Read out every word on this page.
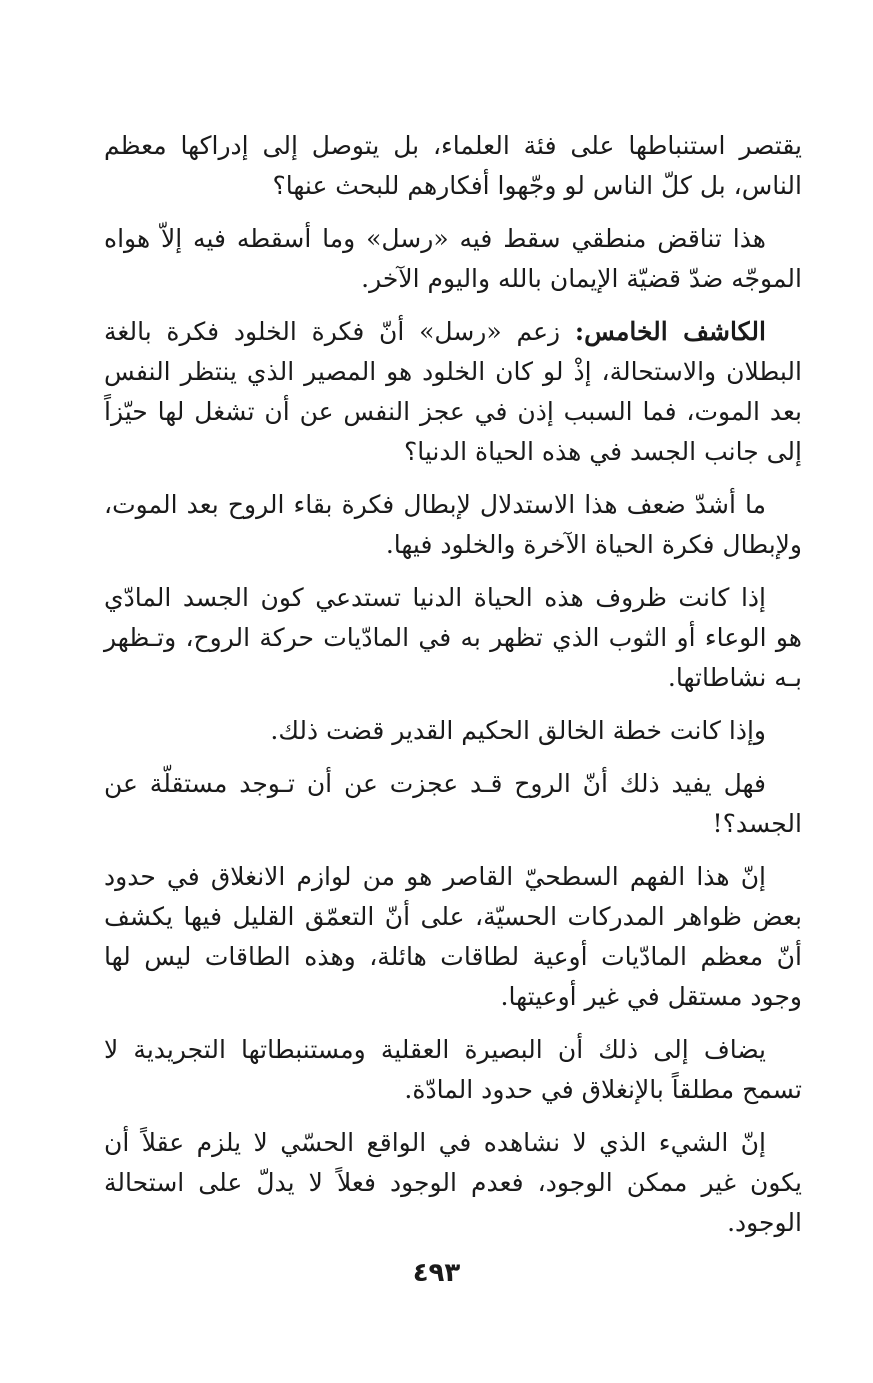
يقتصر استنباطها على فئة العلماء، بل يتوصل إلى إدراكها معظم الناس، بل كلّ الناس لو وجّهوا أفكارهم للبحث عنها؟

هذا تناقض منطقي سقط فيه «رسل» وما أسقطه فيه إلاّ هواه الموجّه ضدّ قضيّة الإيمان بالله واليوم الآخر.

الكاشف الخامس: زعم «رسل» أنّ فكرة الخلود فكرة بالغة البطلان والاستحالة، إذْ لو كان الخلود هو المصير الذي ينتظر النفس بعد الموت، فما السبب إذن في عجز النفس عن أن تشغل لها حيّزاً إلى جانب الجسد في هذه الحياة الدنيا؟

ما أشدّ ضعف هذا الاستدلال لإبطال فكرة بقاء الروح بعد الموت، ولإبطال فكرة الحياة الآخرة والخلود فيها.

إذا كانت ظروف هذه الحياة الدنيا تستدعي كون الجسد المادّي هو الوعاء أو الثوب الذي تظهر به في المادّيات حركة الروح، وتـظهر بـه نشاطاتها.

وإذا كانت خطة الخالق الحكيم القدير قضت ذلك.

فهل يفيد ذلك أنّ الروح قـد عجزت عن أن تـوجد مستقلّة عن الجسد؟!

إنّ هذا الفهم السطحيّ القاصر هو من لوازم الانغلاق في حدود بعض ظواهر المدركات الحسيّة، على أنّ التعمّق القليل فيها يكشف أنّ معظم المادّيات أوعية لطاقات هائلة، وهذه الطاقات ليس لها وجود مستقل في غير أوعيتها.

يضاف إلى ذلك أن البصيرة العقلية ومستنبطاتها التجريدية لا تسمح مطلقاً بالإنغلاق في حدود المادّة.

إنّ الشيء الذي لا نشاهده في الواقع الحسّي لا يلزم عقلاً أن يكون غير ممكن الوجود، فعدم الوجود فعلاً لا يدلّ على استحالة الوجود.

٤٩٣
